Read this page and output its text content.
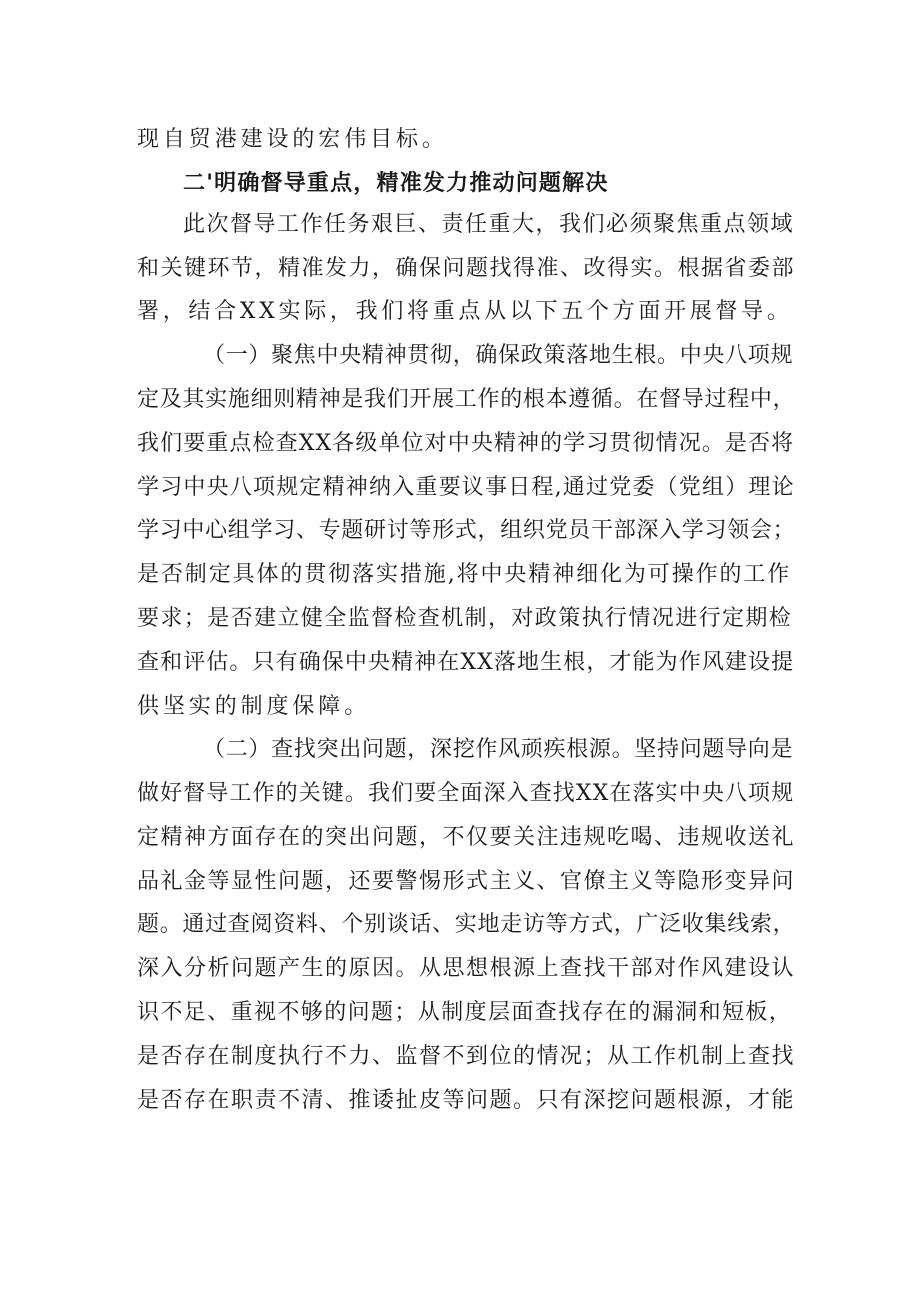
现自贸港建设的宏伟目标。
二'明确督导重点，精准发力推动问题解决
此次督导工作任务艰巨、责任重大，我们必须聚焦重点领域
和关键环节，精准发力，确保问题找得准、改得实。根据省委部
署，结合XX实际，我们将重点从以下五个方面开展督导。
（一）聚焦中央精神贯彻，确保政策落地生根。中央八项规
定及其实施细则精神是我们开展工作的根本遵循。在督导过程中，
我们要重点检查XX各级单位对中央精神的学习贯彻情况。是否将
学习中央八项规定精神纳入重要议事日程,通过党委（党组）理论
学习中心组学习、专题研讨等形式，组织党员干部深入学习领会；
是否制定具体的贯彻落实措施,将中央精神细化为可操作的工作
要求；是否建立健全监督检查机制，对政策执行情况进行定期检
查和评估。只有确保中央精神在XX落地生根，才能为作风建设提
供坚实的制度保障。
（二）查找突出问题，深挖作风顽疾根源。坚持问题导向是
做好督导工作的关键。我们要全面深入查找XX在落实中央八项规
定精神方面存在的突出问题，不仅要关注违规吃喝、违规收送礼
品礼金等显性问题，还要警惕形式主义、官僚主义等隐形变异问
题。通过查阅资料、个别谈话、实地走访等方式，广泛收集线索，
深入分析问题产生的原因。从思想根源上查找干部对作风建设认
识不足、重视不够的问题；从制度层面查找存在的漏洞和短板，
是否存在制度执行不力、监督不到位的情况；从工作机制上查找
是否存在职责不清、推诿扯皮等问题。只有深挖问题根源，才能
